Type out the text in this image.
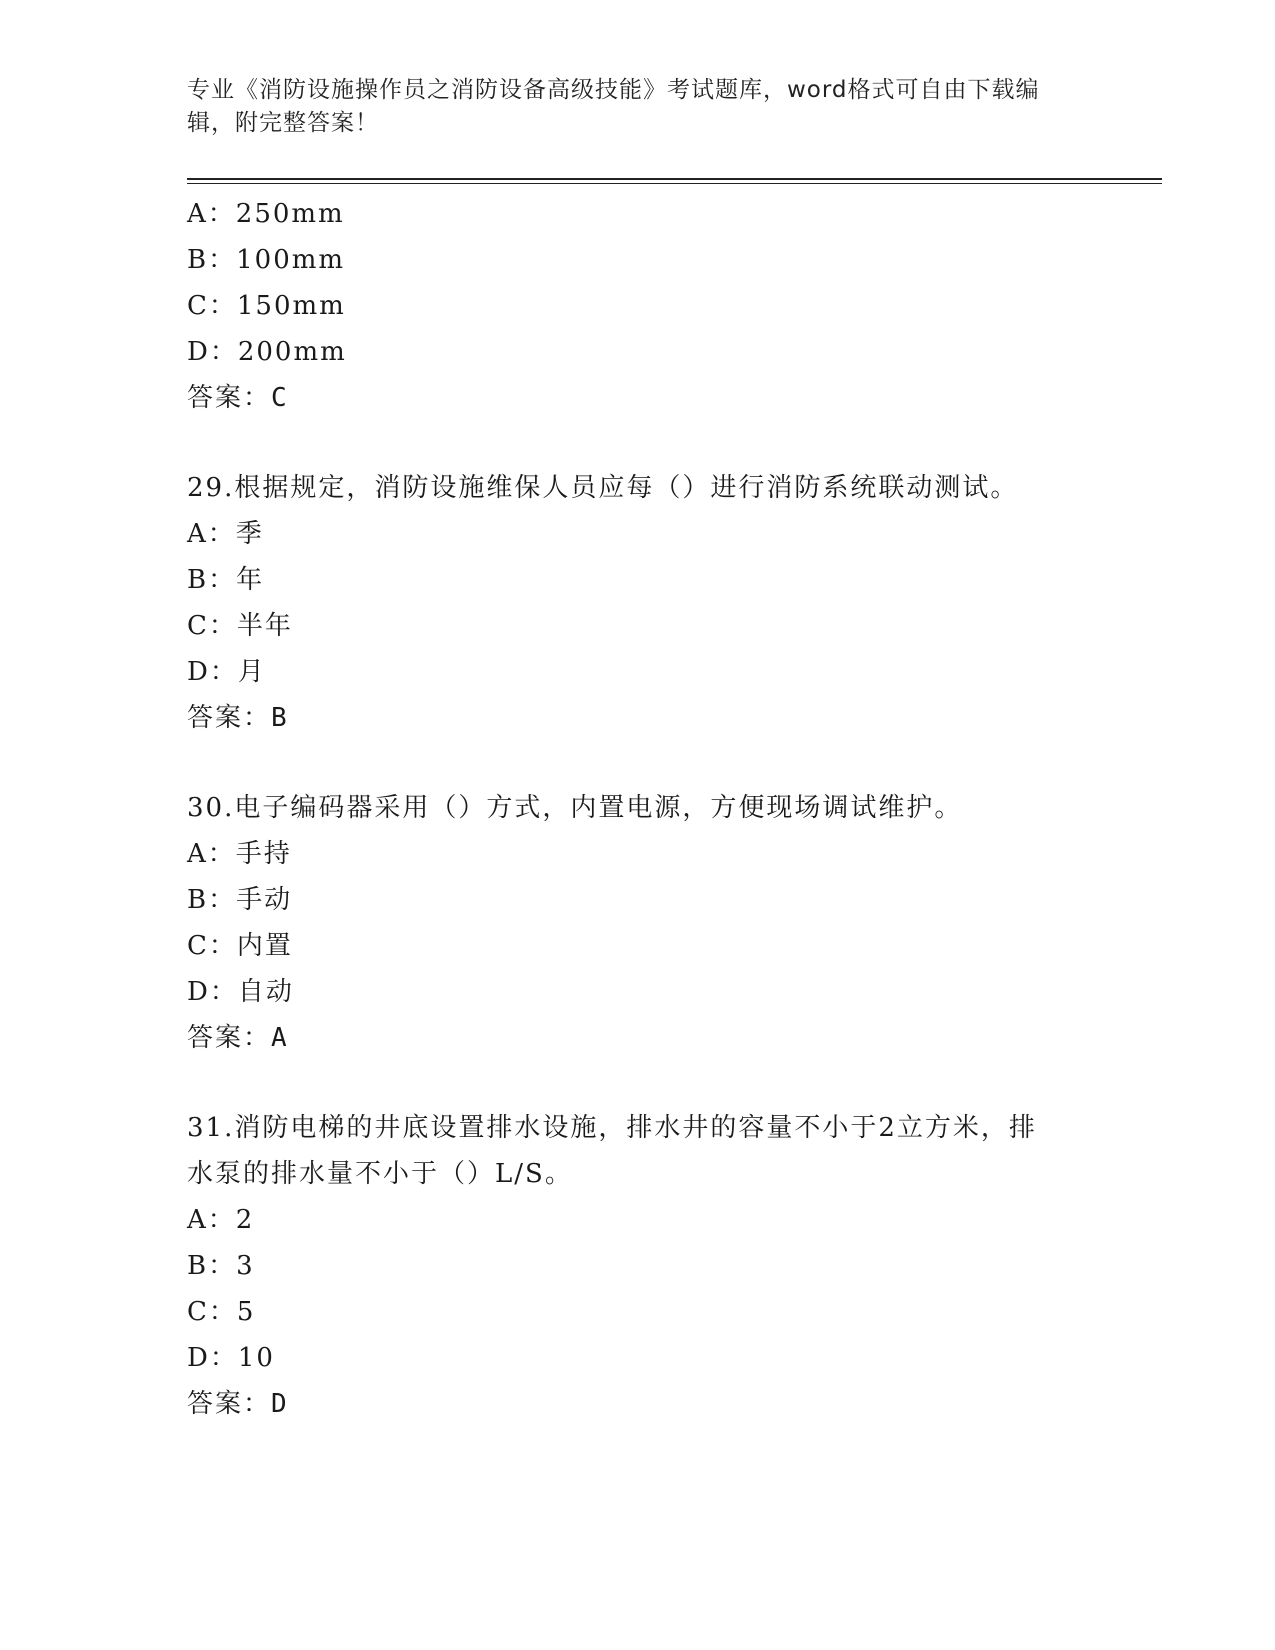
专业《消防设施操作员之消防设备高级技能》考试题库，word格式可自由下载编
辑，附完整答案！
A：250mm
B：100mm
C：150mm
D：200mm
答案：C
29.根据规定，消防设施维保人员应每（）进行消防系统联动测试。
A：季
B：年
C：半年
D：月
答案：B
30.电子编码器采用（）方式，内置电源，方便现场调试维护。
A：手持
B：手动
C：内置
D：自动
答案：A
31.消防电梯的井底设置排水设施，排水井的容量不小于2立方米，排
水泵的排水量不小于（）L/S。
A：2
B：3
C：5
D：10
答案：D
